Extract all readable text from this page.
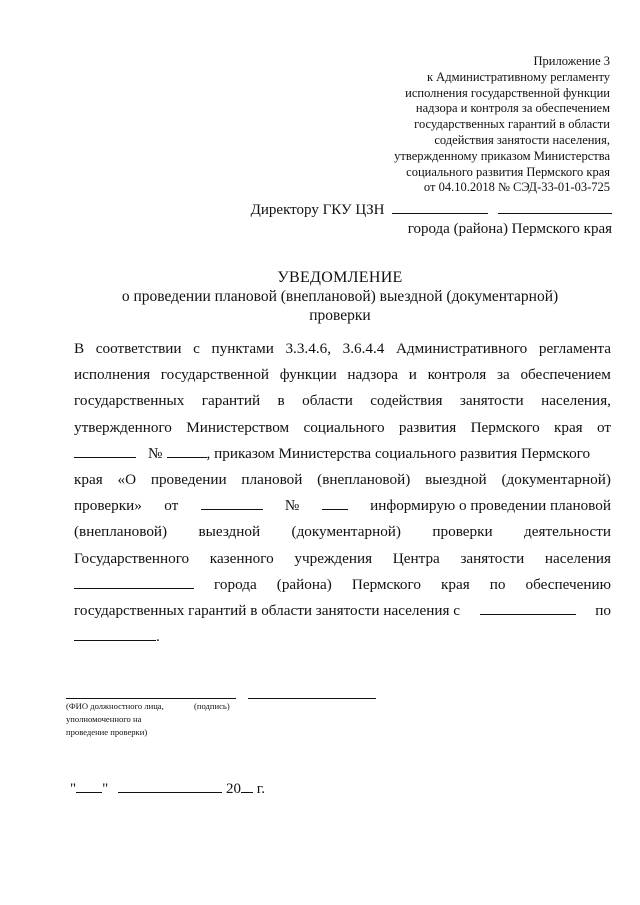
Приложение 3
к Административному регламенту
исполнения государственной функции
надзора и контроля за обеспечением
государственных гарантий в области
содействия занятости населения,
утвержденному приказом Министерства
социального развития Пермского края
от 04.10.2018 № СЭД-33-01-03-725
Директору ГКУ ЦЗН
города (района) Пермского края
УВЕДОМЛЕНИЕ
о проведении плановой (внеплановой) выездной (документарной)
проверки
В соответствии с пунктами 3.3.4.6, 3.6.4.4 Административного регламента
исполнения государственной функции надзора и контроля за обеспечением
государственных гарантий в области содействия занятости населения,
утвержденного Министерством социального развития Пермского края от
№	, приказом Министерства социального развития Пермского
края «О проведении плановой (внеплановой) выездной (документарной)
проверки» от	№	информирую о проведении плановой
(внеплановой) выездной (документарной) проверки деятельности
Государственного казенного учреждения Центра занятости населения
города (района) Пермского края по обеспечению
государственных гарантий в области занятости населения с	по
.
(ФИО должностного лица,	(подпись)
уполномоченного на
проведение проверки)
" "	20 г.
